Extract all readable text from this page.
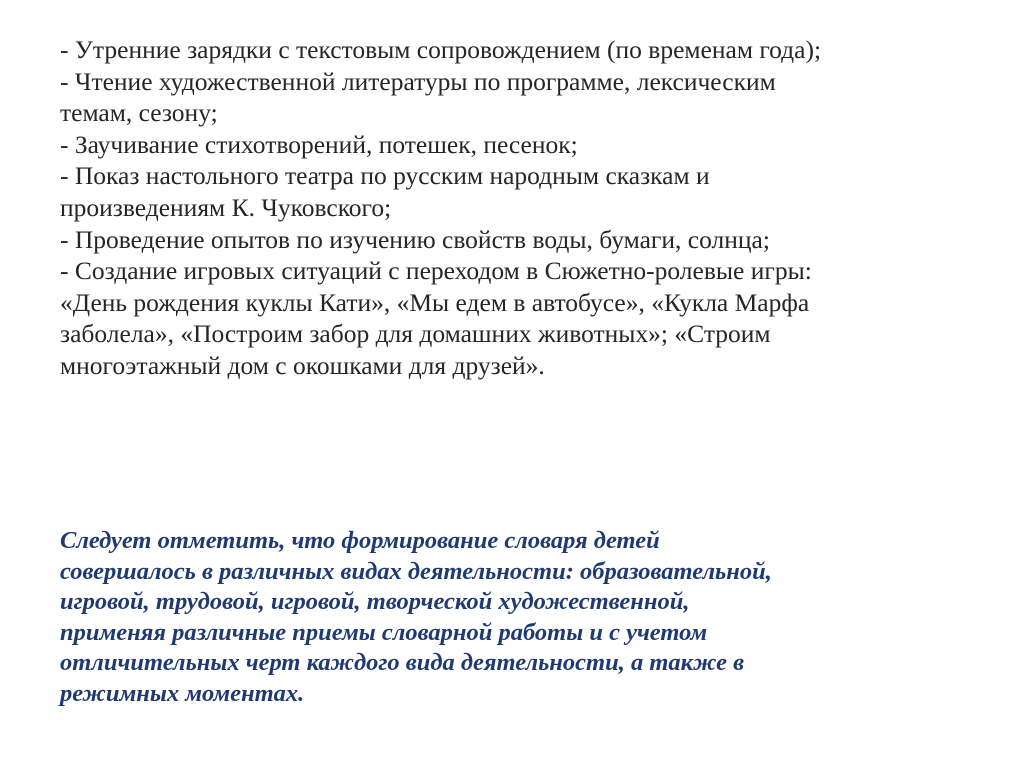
- Утренние зарядки с текстовым сопровождением (по временам года);
- Чтение художественной литературы по программе, лексическим
темам, сезону;
- Заучивание стихотворений, потешек, песенок;
- Показ настольного театра по русским народным сказкам и
произведениям К. Чуковского;
- Проведение опытов по изучению свойств воды, бумаги, солнца;
- Создание игровых ситуаций с переходом в Сюжетно-ролевые игры:
«День рождения куклы Кати», «Мы едем в автобусе», «Кукла Марфа
заболела», «Построим забор для домашних животных»; «Строим
многоэтажный дом с окошками для друзей».

Следует отметить, что формирование словаря детей
совершалось в различных видах деятельности: образовательной,
игровой, трудовой, игровой, творческой художественной,
применяя различные приемы словарной работы и с учетом
отличительных черт каждого вида деятельности, а также в
режимных моментах.
